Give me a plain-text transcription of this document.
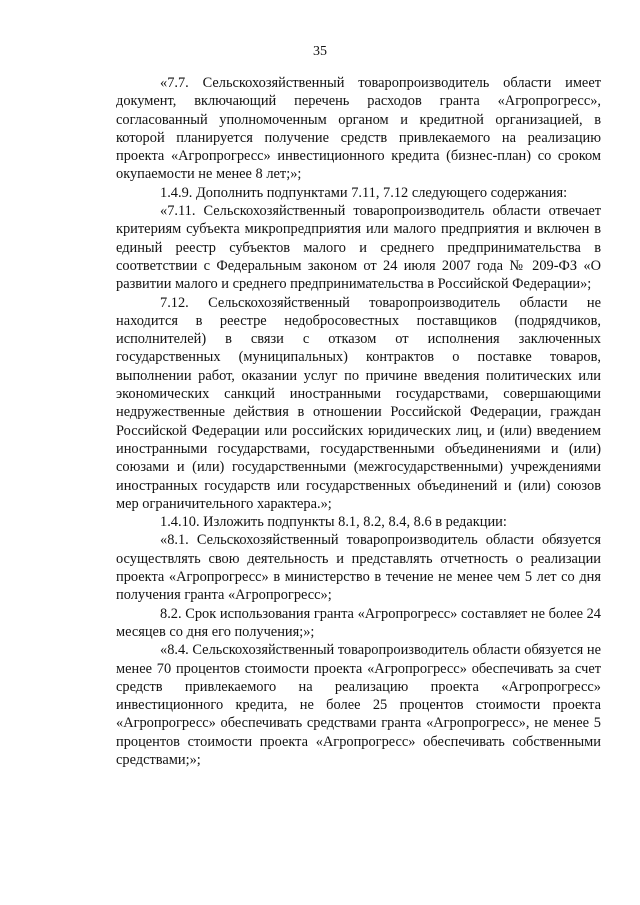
35

«7.7. Сельскохозяйственный товаропроизводитель области имеет документ, включающий перечень расходов гранта «Агропрогресс», согласованный уполномоченным органом и кредитной организацией, в которой планируется получение средств привлекаемого на реализацию проекта «Агропрогресс» инвестиционного кредита (бизнес-план) со сроком окупаемости не менее 8 лет;»;

1.4.9. Дополнить подпунктами 7.11, 7.12 следующего содержания:

«7.11. Сельскохозяйственный товаропроизводитель области отвечает критериям субъекта микропредприятия или малого предприятия и включен в единый реестр субъектов малого и среднего предпринимательства в соответствии с Федеральным законом от 24 июля 2007 года № 209-ФЗ «О развитии малого и среднего предпринимательства в Российской Федерации»;

7.12. Сельскохозяйственный товаропроизводитель области не находится в реестре недобросовестных поставщиков (подрядчиков, исполнителей) в связи с отказом от исполнения заключенных государственных (муниципальных) контрактов о поставке товаров, выполнении работ, оказании услуг по причине введения политических или экономических санкций иностранными государствами, совершающими недружественные действия в отношении Российской Федерации, граждан Российской Федерации или российских юридических лиц, и (или) введением иностранными государствами, государственными объединениями и (или) союзами и (или) государственными (межгосударственными) учреждениями иностранных государств или государственных объединений и (или) союзов мер ограничительного характера.»;

1.4.10. Изложить подпункты 8.1, 8.2, 8.4, 8.6 в редакции:

«8.1. Сельскохозяйственный товаропроизводитель области обязуется осуществлять свою деятельность и представлять отчетность о реализации проекта «Агропрогресс» в министерство в течение не менее чем 5 лет со дня получения гранта «Агропрогресс»;

8.2. Срок использования гранта «Агропрогресс» составляет не более 24 месяцев со дня его получения;»;

«8.4. Сельскохозяйственный товаропроизводитель области обязуется не менее 70 процентов стоимости проекта «Агропрогресс» обеспечивать за счет средств привлекаемого на реализацию проекта «Агропрогресс» инвестиционного кредита, не более 25 процентов стоимости проекта «Агропрогресс» обеспечивать средствами гранта «Агропрогресс», не менее 5 процентов стоимости проекта «Агропрогресс» обеспечивать собственными средствами;»;
